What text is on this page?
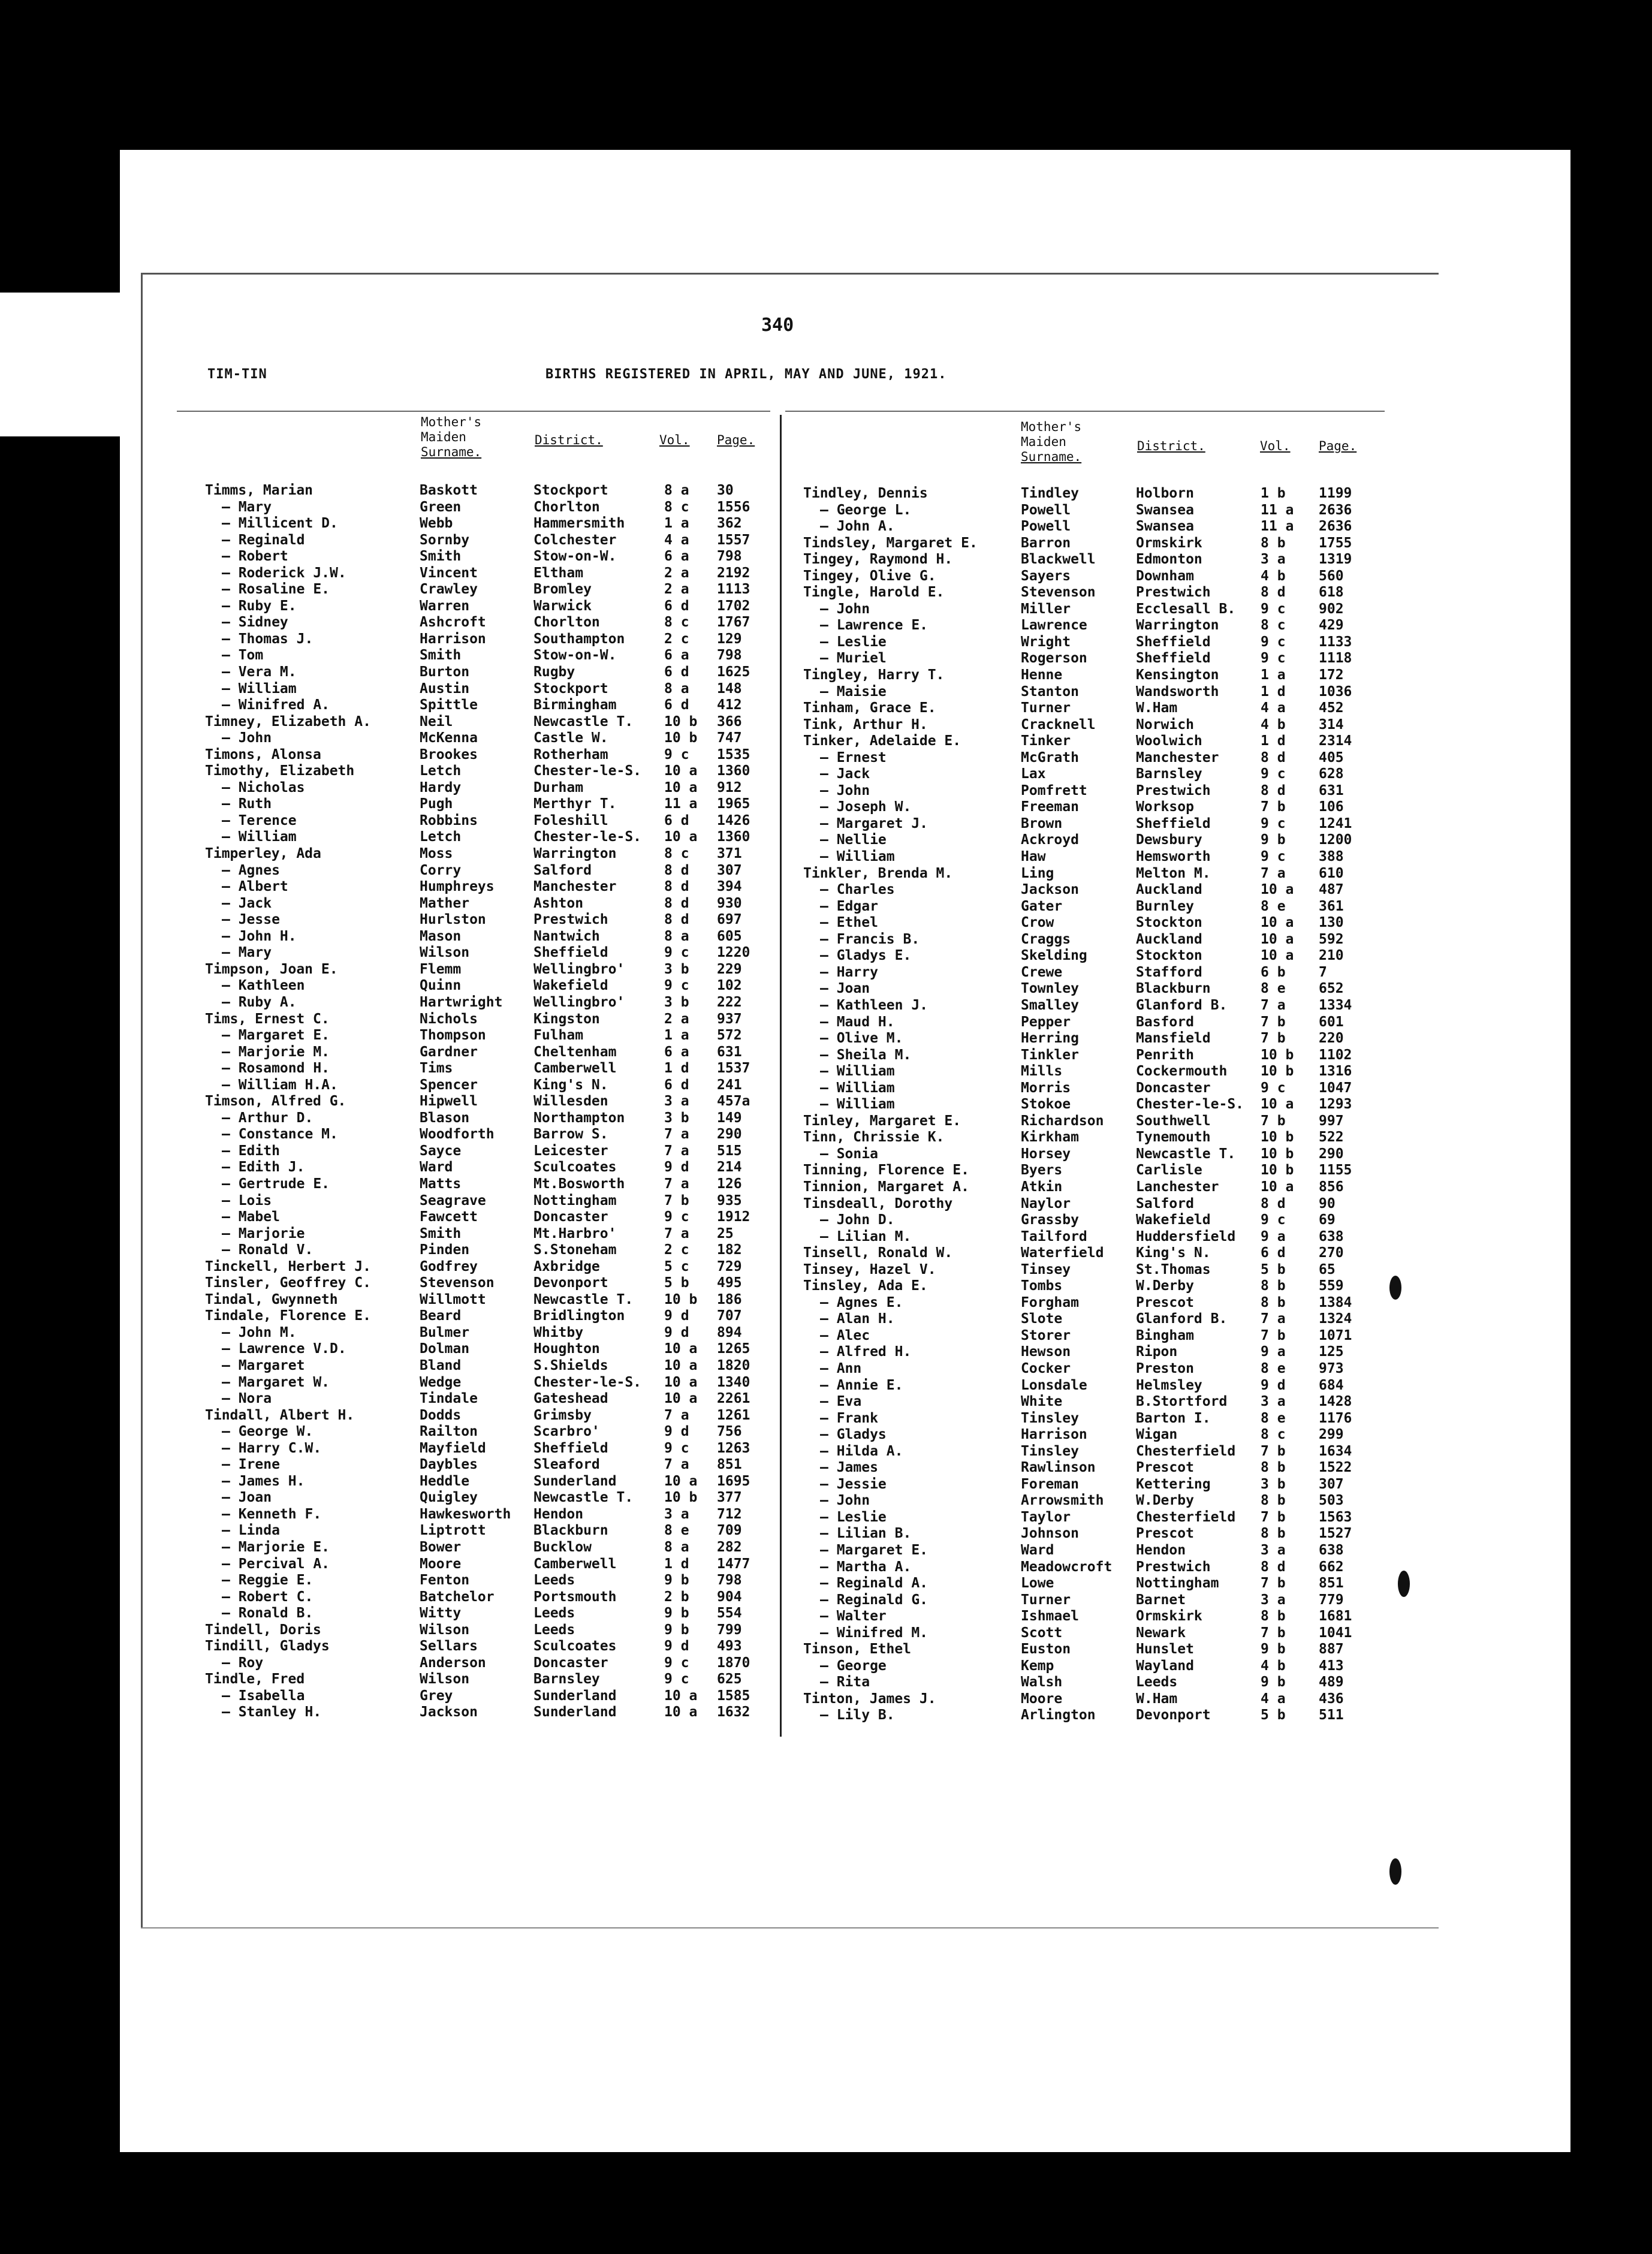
340
TIM-TIN	BIRTHS REGISTERED IN APRIL, MAY AND JUNE, 1921.
Mother's
Maiden
Surname.
District.	Vol. Page.
Mother's
Maiden
Surname.
District.	Vol. Page.
Timms, Marian	Baskott	Stockport	8 a 30
— Mary	Green	Chorlton	8 c 1556
— Millicent D.	Webb	Hammersmith	1 a 362
— Reginald	Sornby	Colchester	4 a 1557
— Robert	Smith	Stow-on-W.	6 a 798
— Roderick J.W.	Vincent	Eltham	2 a 2192
— Rosaline E.	Crawley	Bromley	2 a 1113
— Ruby E.	Warren	Warwick	6 d 1702
— Sidney	Ashcroft	Chorlton	8 c 1767
— Thomas J.	Harrison	Southampton	2 c 129
— Tom	Smith	Stow-on-W.	6 a 798
— Vera M.	Burton	Rugby	6 d 1625
— William	Austin	Stockport	8 a 148
— Winifred A.	Spittle	Birmingham	6 d 412
Timney, Elizabeth A.	Neil	Newcastle T. 10 b 366
— John	McKenna	Castle W.	10 b 747
Timons, Alonsa	Brookes	Rotherham	9 c 1535
Timothy, Elizabeth	Letch	Chester-le-S. 10 a 1360
— Nicholas	Hardy	Durham	10 a 912
— Ruth	Pugh	Merthyr T.	11 a 1965
— Terence	Robbins	Foleshill	6 d 1426
— William	Letch	Chester-le-S. 10 a 1360
Timperley, Ada	Moss	Warrington	8 c 371
— Agnes	Corry	Salford	8 d 307
— Albert	Humphreys	Manchester	8 d 394
— Jack	Mather	Ashton	8 d 930
— Jesse	Hurlston	Prestwich	8 d 697
— John H.	Mason	Nantwich	8 a 605
— Mary	Wilson	Sheffield	9 c 1220
Timpson, Joan E.	Flemm	Wellingbro'	3 b 229
— Kathleen	Quinn	Wakefield	9 c 102
— Ruby A.	Hartwright Wellingbro'	3 b 222
Tims, Ernest C.	Nichols	Kingston	2 a 937
— Margaret E.	Thompson	Fulham	1 a 572
— Marjorie M.	Gardner	Cheltenham	6 a 631
— Rosamond H.	Tims	Camberwell	1 d 1537
— William H.A.	Spencer	King's N.	6 d 241
Timson, Alfred G.	Hipwell	Willesden	3 a 457a
— Arthur D.	Blason	Northampton	3 b 149
— Constance M.	Woodforth	Barrow S.	7 a 290
— Edith	Sayce	Leicester	7 a 515
— Edith J.	Ward	Sculcoates	9 d 214
— Gertrude E.	Matts	Mt.Bosworth	7 a 126
— Lois	Seagrave	Nottingham	7 b 935
— Mabel	Fawcett	Doncaster	9 c 1912
— Marjorie	Smith	Mt.Harbro'	7 a 25
— Ronald V.	Pinden	S.Stoneham	2 c 182
Tinckell, Herbert J.	Godfrey	Axbridge	5 c 729
Tinsler, Geoffrey C.	Stevenson	Devonport	5 b 495
Tindal, Gwynneth	Willmott	Newcastle T. 10 b 186
Tindale, Florence E.	Beard	Bridlington	9 d 707
— John M.	Bulmer	Whitby	9 d 894
— Lawrence V.D.	Dolman	Houghton	10 a 1265
— Margaret	Bland	S.Shields	10 a 1820
— Margaret W.	Wedge	Chester-le-S. 10 a 1340
— Nora	Tindale	Gateshead	10 a 2261
Tindall, Albert H.	Dodds	Grimsby	7 a 1261
— George W.	Railton	Scarbro'	9 d 756
— Harry C.W.	Mayfield	Sheffield	9 c 1263
— Irene	Daybles	Sleaford	7 a 851
— James H.	Heddle	Sunderland	10 a 1695
— Joan	Quigley	Newcastle T. 10 b 377
— Kenneth F.	Hawkesworth Hendon	3 a 712
— Linda	Liptrott	Blackburn	8 e 709
— Marjorie E.	Bower	Bucklow	8 a 282
— Percival A.	Moore	Camberwell	1 d 1477
— Reggie E.	Fenton	Leeds	9 b 798
— Robert C.	Batchelor	Portsmouth	2 b 904
— Ronald B.	Witty	Leeds	9 b 554
Tindell, Doris	Wilson	Leeds	9 b 799
Tindill, Gladys	Sellars	Sculcoates	9 d 493
— Roy	Anderson	Doncaster	9 c 1870
Tindle, Fred	Wilson	Barnsley	9 c 625
— Isabella	Grey	Sunderland	10 a 1585
— Stanley H.	Jackson	Sunderland	10 a 1632
Tindley, Dennis	Tindley	Holborn	1 b 1199
— George L.	Powell	Swansea	11 a 2636
— John A.	Powell	Swansea	11 a 2636
Tindsley, Margaret E.	Barron	Ormskirk	8 b 1755
Tingey, Raymond H.	Blackwell	Edmonton	3 a 1319
Tingey, Olive G.	Sayers	Downham	4 b 560
Tingle, Harold E.	Stevenson	Prestwich	8 d 618
— John	Miller	Ecclesall B. 9 c 902
— Lawrence E.	Lawrence	Warrington	8 c 429
— Leslie	Wright	Sheffield	9 c 1133
— Muriel	Rogerson	Sheffield	9 c 1118
Tingley, Harry T.	Henne	Kensington	1 a 172
— Maisie	Stanton	Wandsworth	1 d 1036
Tinham, Grace E.	Turner	W.Ham	4 a 452
Tink, Arthur H.	Cracknell	Norwich	4 b 314
Tinker, Adelaide E.	Tinker	Woolwich	1 d 2314
— Ernest	McGrath	Manchester	8 d 405
— Jack	Lax	Barnsley	9 c 628
— John	Pomfrett	Prestwich	8 d 631
— Joseph W.	Freeman	Worksop	7 b 106
— Margaret J.	Brown	Sheffield	9 c 1241
— Nellie	Ackroyd	Dewsbury	9 b 1200
— William	Haw	Hemsworth	9 c 388
Tinkler, Brenda M.	Ling	Melton M.	7 a 610
— Charles	Jackson	Auckland	10 a 487
— Edgar	Gater	Burnley	8 e 361
— Ethel	Crow	Stockton	10 a 130
— Francis B.	Craggs	Auckland	10 a 592
— Gladys E.	Skelding	Stockton	10 a 210
— Harry	Crewe	Stafford	6 b 7
— Joan	Townley	Blackburn	8 e 652
— Kathleen J.	Smalley	Glanford B. 7 a 1334
— Maud H.	Pepper	Basford	7 b 601
— Olive M.	Herring	Mansfield	7 b 220
— Sheila M.	Tinkler	Penrith	10 b 1102
— William	Mills	Cockermouth 10 b 1316
— William	Morris	Doncaster	9 c 1047
— William	Stokoe	Chester-le-S. 10 a 1293
Tinley, Margaret E.	Richardson Southwell	7 b 997
Tinn, Chrissie K.	Kirkham	Tynemouth	10 b 522
— Sonia	Horsey	Newcastle T. 10 b 290
Tinning, Florence E.	Byers	Carlisle	10 b 1155
Tinnion, Margaret A.	Atkin	Lanchester	10 a 856
Tinsdeall, Dorothy	Naylor	Salford	8 d 90
— John D.	Grassby	Wakefield	9 c 69
— Lilian M.	Tailford	Huddersfield 9 a 638
Tinsell, Ronald W.	Waterfield King's N.	6 d 270
Tinsey, Hazel V.	Tinsey	St.Thomas	5 b 65
Tinsley, Ada E.	Tombs	W.Derby	8 b 559
— Agnes E.	Forgham	Prescot	8 b 1384
— Alan H.	Slote	Glanford B. 7 a 1324
— Alec	Storer	Bingham	7 b 1071
— Alfred H.	Hewson	Ripon	9 a 125
— Ann	Cocker	Preston	8 e 973
— Annie E.	Lonsdale	Helmsley	9 d 684
— Eva	White	B.Stortford 3 a 1428
— Frank	Tinsley	Barton I.	8 e 1176
— Gladys	Harrison	Wigan	8 c 299
— Hilda A.	Tinsley	Chesterfield 7 b 1634
— James	Rawlinson	Prescot	8 b 1522
— Jessie	Foreman	Kettering	3 b 307
— John	Arrowsmith W.Derby	8 b 503
— Leslie	Taylor	Chesterfield 7 b 1563
— Lilian B.	Johnson	Prescot	8 b 1527
— Margaret E.	Ward	Hendon	3 a 638
— Martha A.	Meadowcroft Prestwich	8 d 662
— Reginald A.	Lowe	Nottingham	7 b 851
— Reginald G.	Turner	Barnet	3 a 779
— Walter	Ishmael	Ormskirk	8 b 1681
— Winifred M.	Scott	Newark	7 b 1041
Tinson, Ethel	Euston	Hunslet	9 b 887
— George	Kemp	Wayland	4 b 413
— Rita	Walsh	Leeds	9 b 489
Tinton, James J.	Moore	W.Ham	4 a 436
— Lily B.	Arlington	Devonport	5 b 511
